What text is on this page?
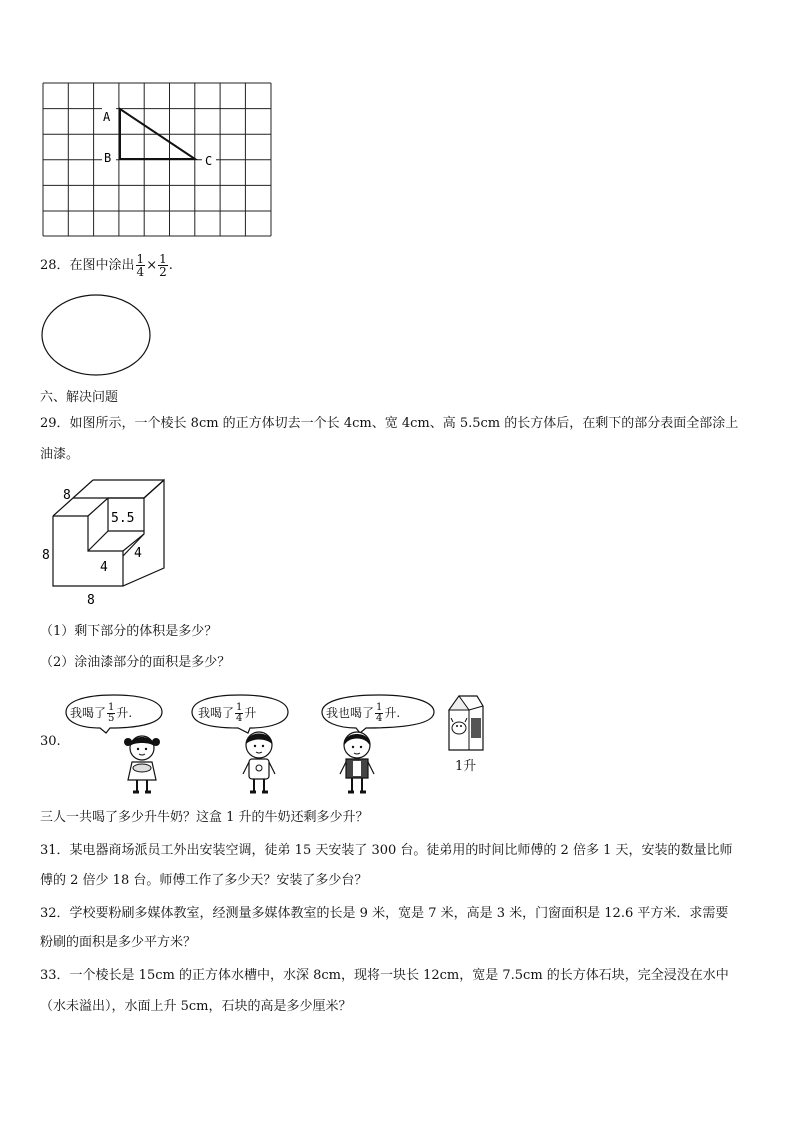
A
B	C
28．在图中涂出 $\frac{1}{4} \times \frac{1}{2}$ .
六、解决问题
29．如图所示，一个棱长 8cm 的正方体切去一个长 4cm、宽 4cm、高 5.5cm 的长方体后，在剩下的部分表面全部涂上
油漆。
8
5.5
8	4
4
8
（1）剩下部分的体积是多少？
（2）涂油漆部分的面积是多少？
30.
我喝了 $\frac{1}{5}$ 升.	我喝了 $\frac{1}{4}$ 升	我也喝了 $\frac{1}{4}$ 升.
1升
三人一共喝了多少升牛奶？这盒 1 升的牛奶还剩多少升？
31．某电器商场派员工外出安装空调，徒弟 15 天安装了 300 台。徒弟用的时间比师傅的 2 倍多 1 天，安装的数量比师
傅的 2 倍少 18 台。师傅工作了多少天？安装了多少台？
32．学校要粉刷多媒体教室，经测量多媒体教室的长是 9 米，宽是 7 米，高是 3 米，门窗面积是 12.6 平方米．求需要
粉刷的面积是多少平方米？
33．一个棱长是 15cm 的正方体水槽中，水深 8cm，现将一块长 12cm，宽是 7.5cm 的长方体石块，完全浸没在水中
（水未溢出），水面上升 5cm，石块的高是多少厘米？
